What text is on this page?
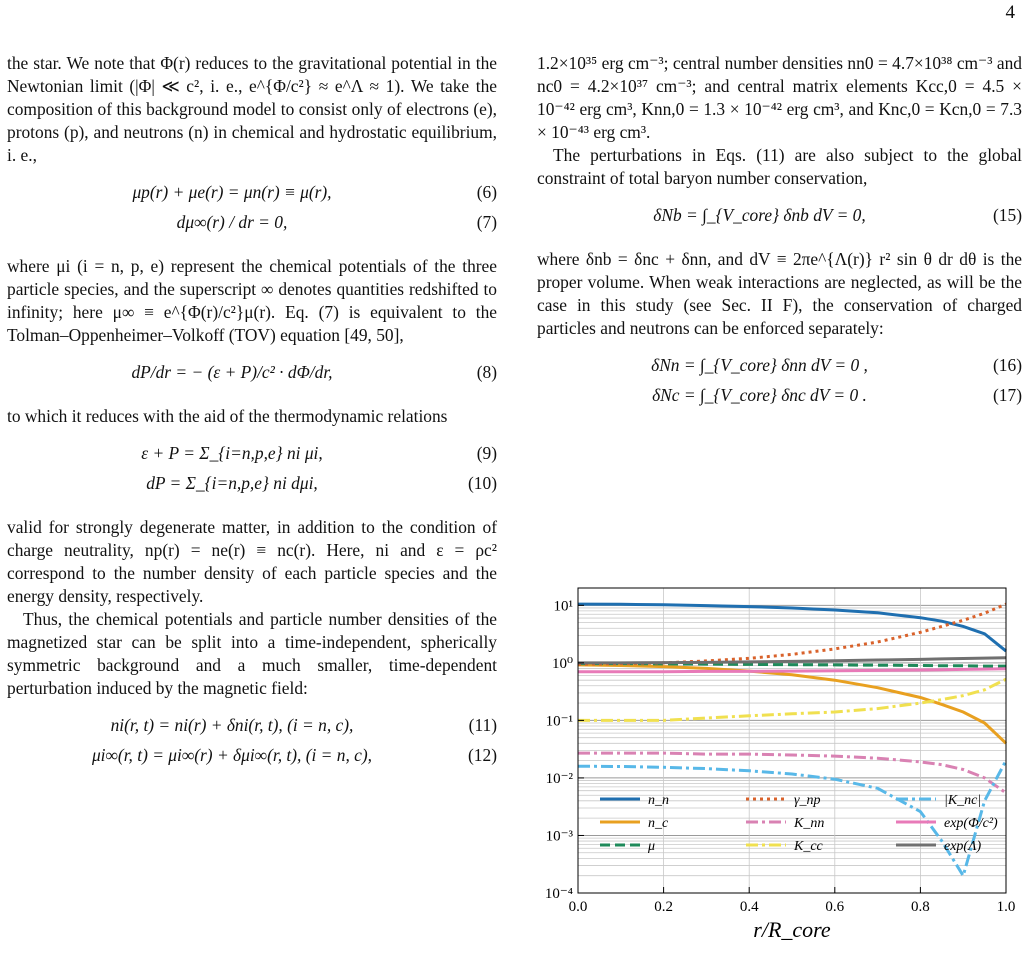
4

the star. We note that Φ(r) reduces to the gravitational potential in the Newtonian limit (|Φ| ≪ c², i. e., e^{Φ/c²} ≈ e^Λ ≈ 1). We take the composition of this background model to consist only of electrons (e), protons (p), and neutrons (n) in chemical and hydrostatic equilibrium, i. e.,

μp(r) + μe(r) = μn(r) ≡ μ(r),	(6)
dμ∞(r) / dr = 0,	(7)

where μi (i = n, p, e) represent the chemical potentials of the three particle species, and the superscript ∞ denotes quantities redshifted to infinity; here μ∞ ≡ e^{Φ(r)/c²}μ(r). Eq. (7) is equivalent to the Tolman–Oppenheimer–Volkoff (TOV) equation [49, 50],

dP/dr = − (ε + P)/c² · dΦ/dr,	(8)

to which it reduces with the aid of the thermodynamic relations

ε + P = Σ_{i=n,p,e} ni μi,	(9)
dP = Σ_{i=n,p,e} ni dμi,	(10)

valid for strongly degenerate matter, in addition to the condition of charge neutrality, np(r) = ne(r) ≡ nc(r). Here, ni and ε = ρc² correspond to the number density of each particle species and the energy density, respectively.

Thus, the chemical potentials and particle number densities of the magnetized star can be split into a time-independent, spherically symmetric background and a much smaller, time-dependent perturbation induced by the magnetic field:

ni(r, t) = ni(r) + δni(r, t), (i = n, c),	(11)
μi∞(r, t) = μi∞(r) + δμi∞(r, t), (i = n, c),	(12)

1.2×10³⁵ erg cm⁻³; central number densities nn0 = 4.7×10³⁸ cm⁻³ and nc0 = 4.2×10³⁷ cm⁻³; and central matrix elements Kcc,0 = 4.5 × 10⁻⁴² erg cm³, Knn,0 = 1.3 × 10⁻⁴² erg cm³, and Knc,0 = Kcn,0 = 7.3 × 10⁻⁴³ erg cm³.

The perturbations in Eqs. (11) are also subject to the global constraint of total baryon number conservation,

δNb = ∫_{V_core} δnb dV = 0,	(15)

where δnb = δnc + δnn, and dV ≡ 2πe^{Λ(r)} r² sin θ dr dθ is the proper volume. When weak interactions are neglected, as will be the case in this study (see Sec. II F), the conservation of charged particles and neutrons can be enforced separately:

δNn = ∫_{V_core} δnn dV = 0 ,	(16)
δNc = ∫_{V_core} δnc dV = 0 .	(17)
0.0	0.2	0.4	0.6	0.8	1.0
10⁻⁴
10⁻³
10⁻²
10⁻¹
10⁰
10¹
r/R_core
n_n	γ_np	|K_nc|
n_c	K_nn	exp(Φ/c²)
μ	K_cc	exp(Λ)
